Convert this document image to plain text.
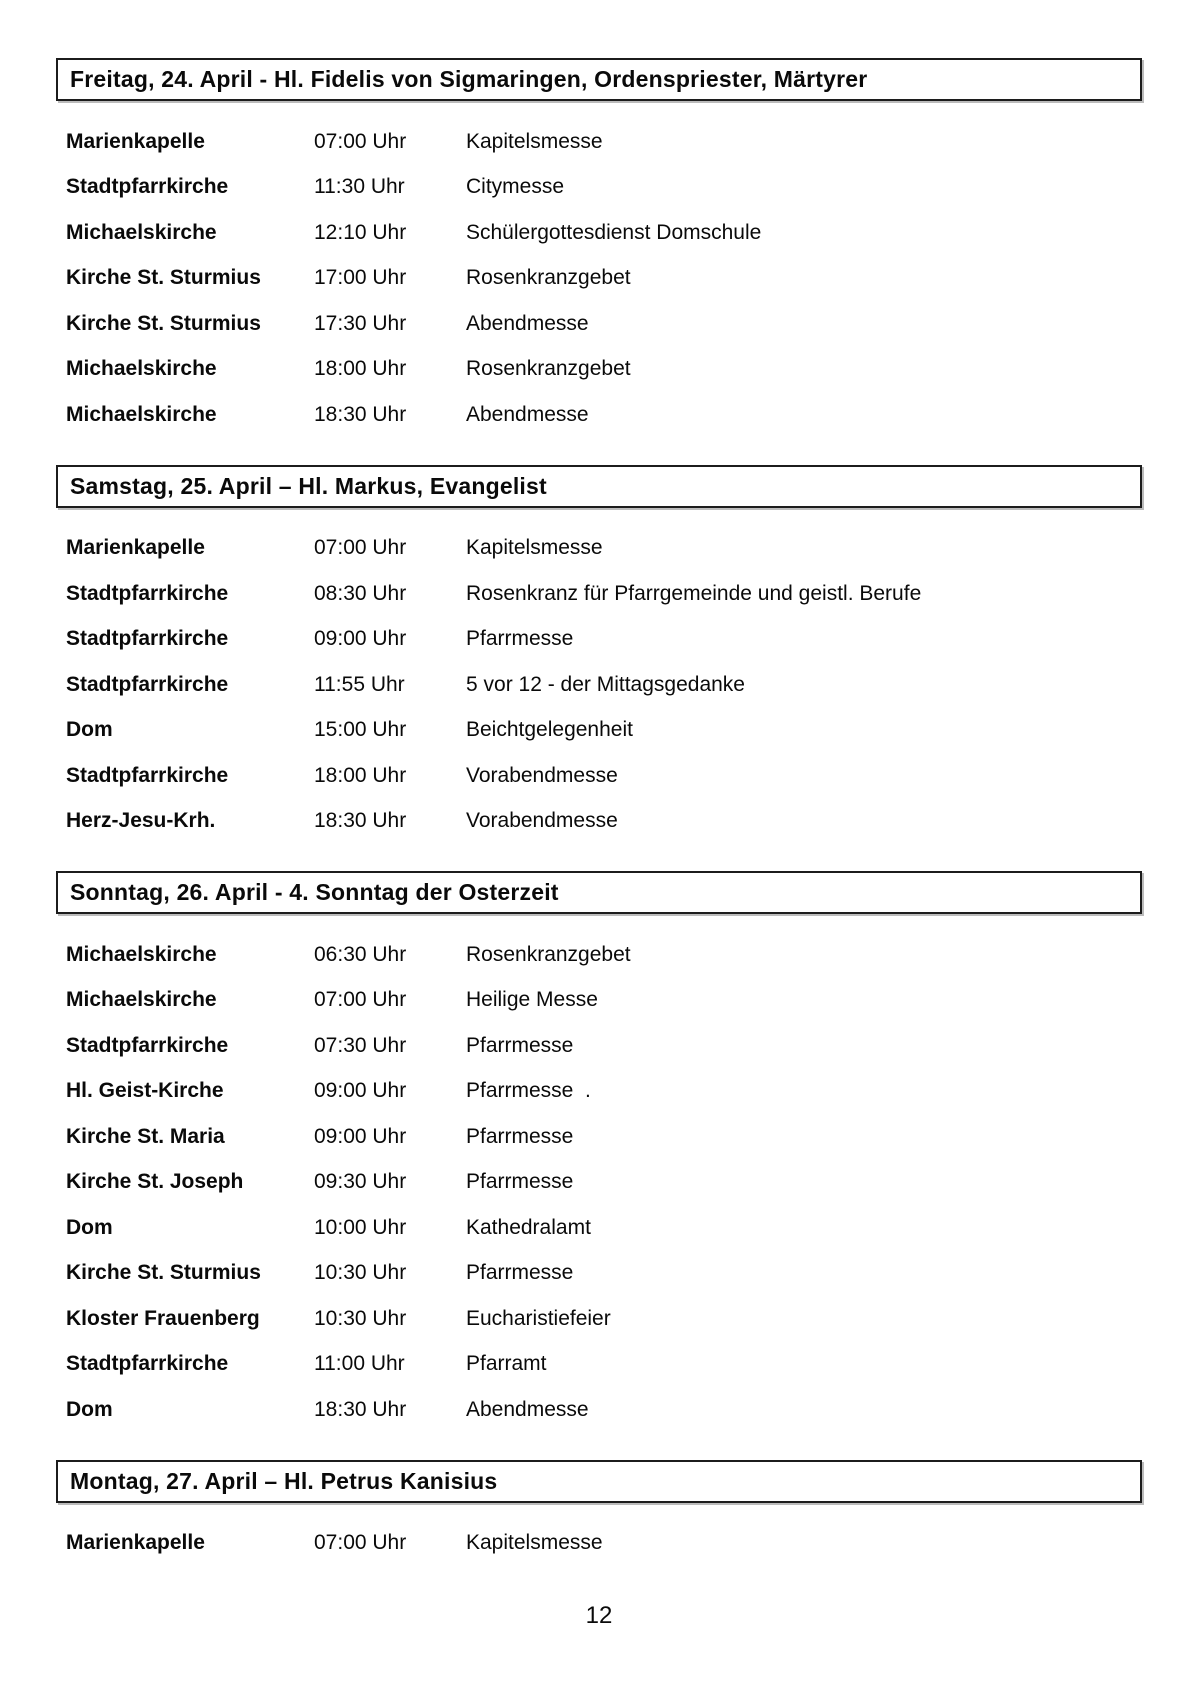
Freitag, 24. April - Hl. Fidelis von Sigmaringen, Ordenspriester, Märtyrer
Marienkapelle	07:00 Uhr	Kapitelsmesse
Stadtpfarrkirche	11:30 Uhr	Citymesse
Michaelskirche	12:10 Uhr	Schülergottesdienst Domschule
Kirche St. Sturmius	17:00 Uhr	Rosenkranzgebet
Kirche St. Sturmius	17:30 Uhr	Abendmesse
Michaelskirche	18:00 Uhr	Rosenkranzgebet
Michaelskirche	18:30 Uhr	Abendmesse
Samstag, 25. April – Hl. Markus, Evangelist
Marienkapelle	07:00 Uhr	Kapitelsmesse
Stadtpfarrkirche	08:30 Uhr	Rosenkranz für Pfarrgemeinde und geistl. Berufe
Stadtpfarrkirche	09:00 Uhr	Pfarrmesse
Stadtpfarrkirche	11:55 Uhr	5 vor 12 - der Mittagsgedanke
Dom	15:00 Uhr	Beichtgelegenheit
Stadtpfarrkirche	18:00 Uhr	Vorabendmesse
Herz-Jesu-Krh.	18:30 Uhr	Vorabendmesse
Sonntag, 26. April - 4. Sonntag der Osterzeit
Michaelskirche	06:30 Uhr	Rosenkranzgebet
Michaelskirche	07:00 Uhr	Heilige Messe
Stadtpfarrkirche	07:30 Uhr	Pfarrmesse
Hl. Geist-Kirche	09:00 Uhr	Pfarrmesse  .
Kirche St. Maria	09:00 Uhr	Pfarrmesse
Kirche St. Joseph	09:30 Uhr	Pfarrmesse
Dom	10:00 Uhr	Kathedralamt
Kirche St. Sturmius	10:30 Uhr	Pfarrmesse
Kloster Frauenberg	10:30 Uhr	Eucharistiefeier
Stadtpfarrkirche	11:00 Uhr	Pfarramt
Dom	18:30 Uhr	Abendmesse
Montag, 27. April – Hl. Petrus Kanisius
Marienkapelle	07:00 Uhr	Kapitelsmesse
12
